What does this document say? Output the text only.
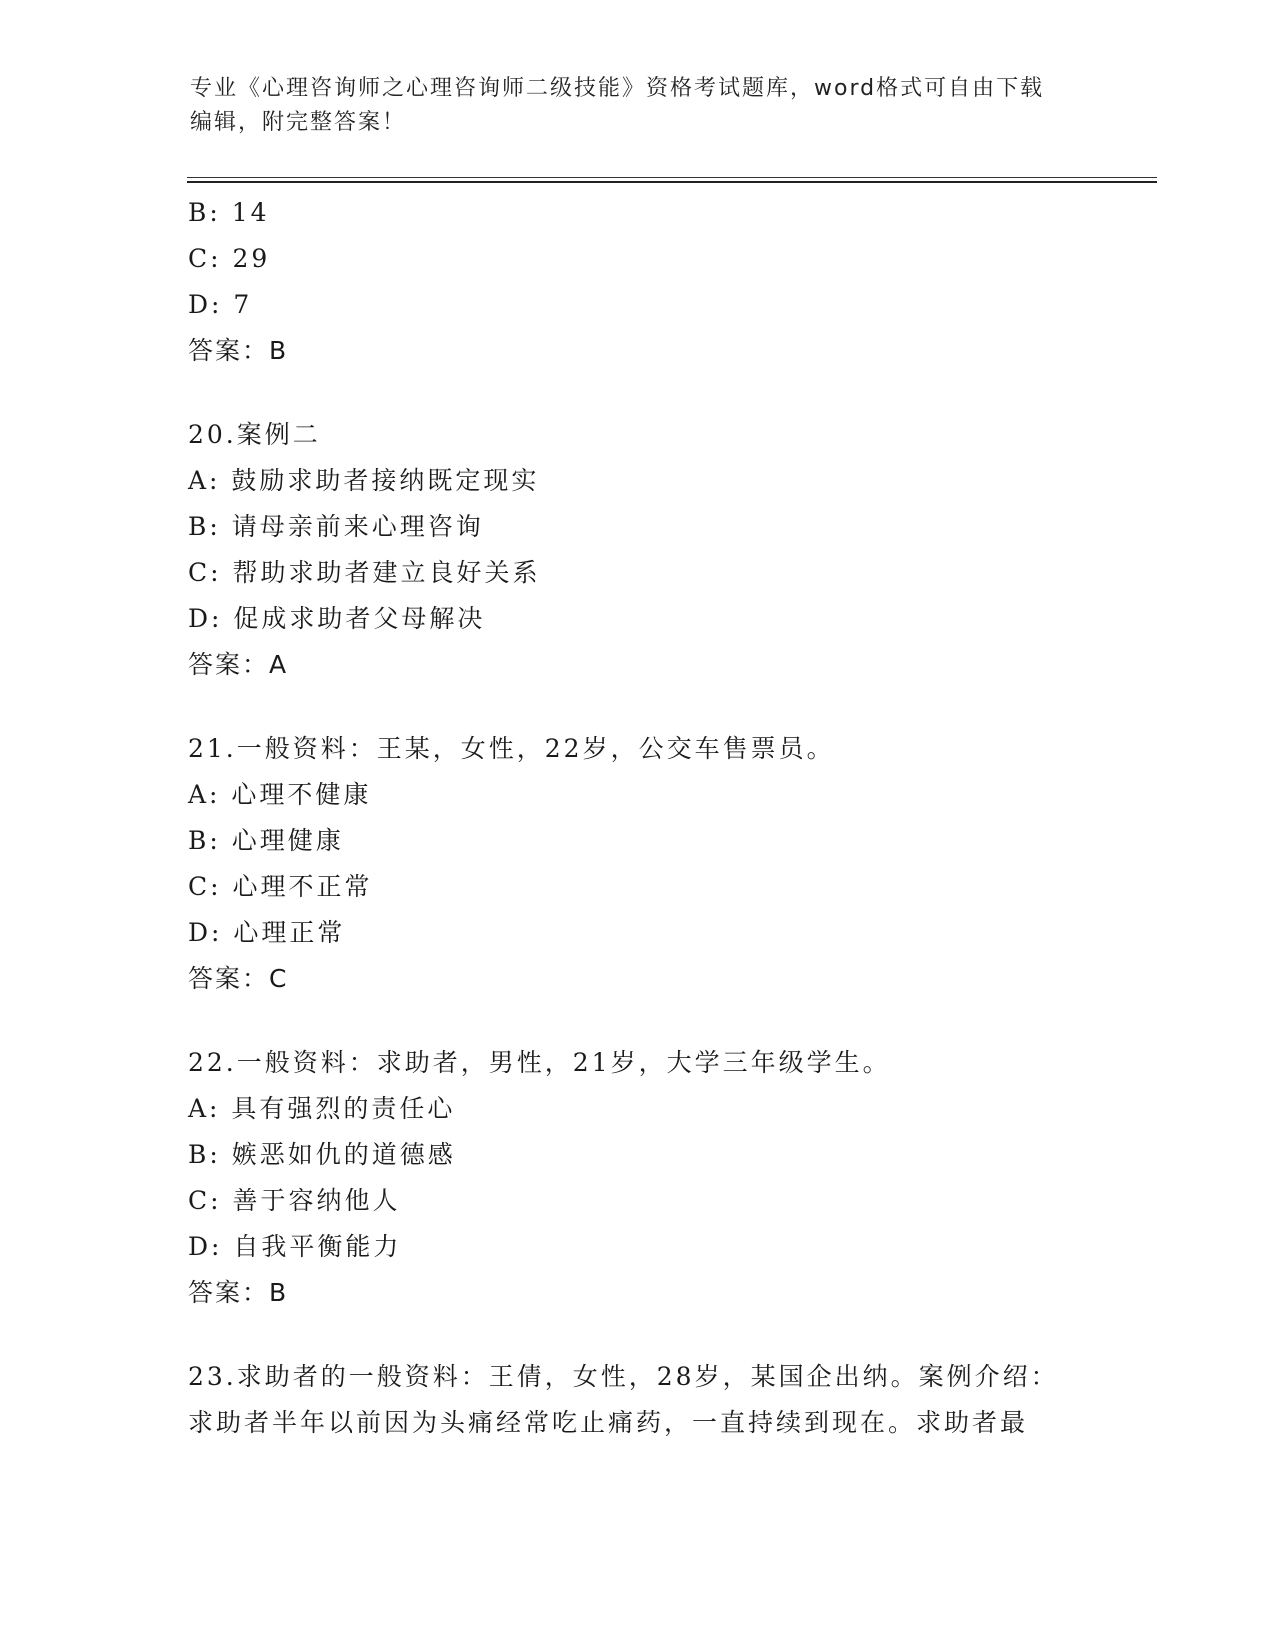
专业《心理咨询师之心理咨询师二级技能》资格考试题库，word格式可自由下载
编辑，附完整答案！
B: 14
C: 29
D: 7
答案：B
20.案例二
A: 鼓励求助者接纳既定现实
B: 请母亲前来心理咨询
C: 帮助求助者建立良好关系
D: 促成求助者父母解决
答案：A
21.一般资料：王某，女性，22岁，公交车售票员。
A: 心理不健康
B: 心理健康
C: 心理不正常
D: 心理正常
答案：C
22.一般资料：求助者，男性，21岁，大学三年级学生。
A: 具有强烈的责任心
B: 嫉恶如仇的道德感
C: 善于容纳他人
D: 自我平衡能力
答案：B
23.求助者的一般资料：王倩，女性，28岁，某国企出纳。案例介绍：
求助者半年以前因为头痛经常吃止痛药，一直持续到现在。求助者最
